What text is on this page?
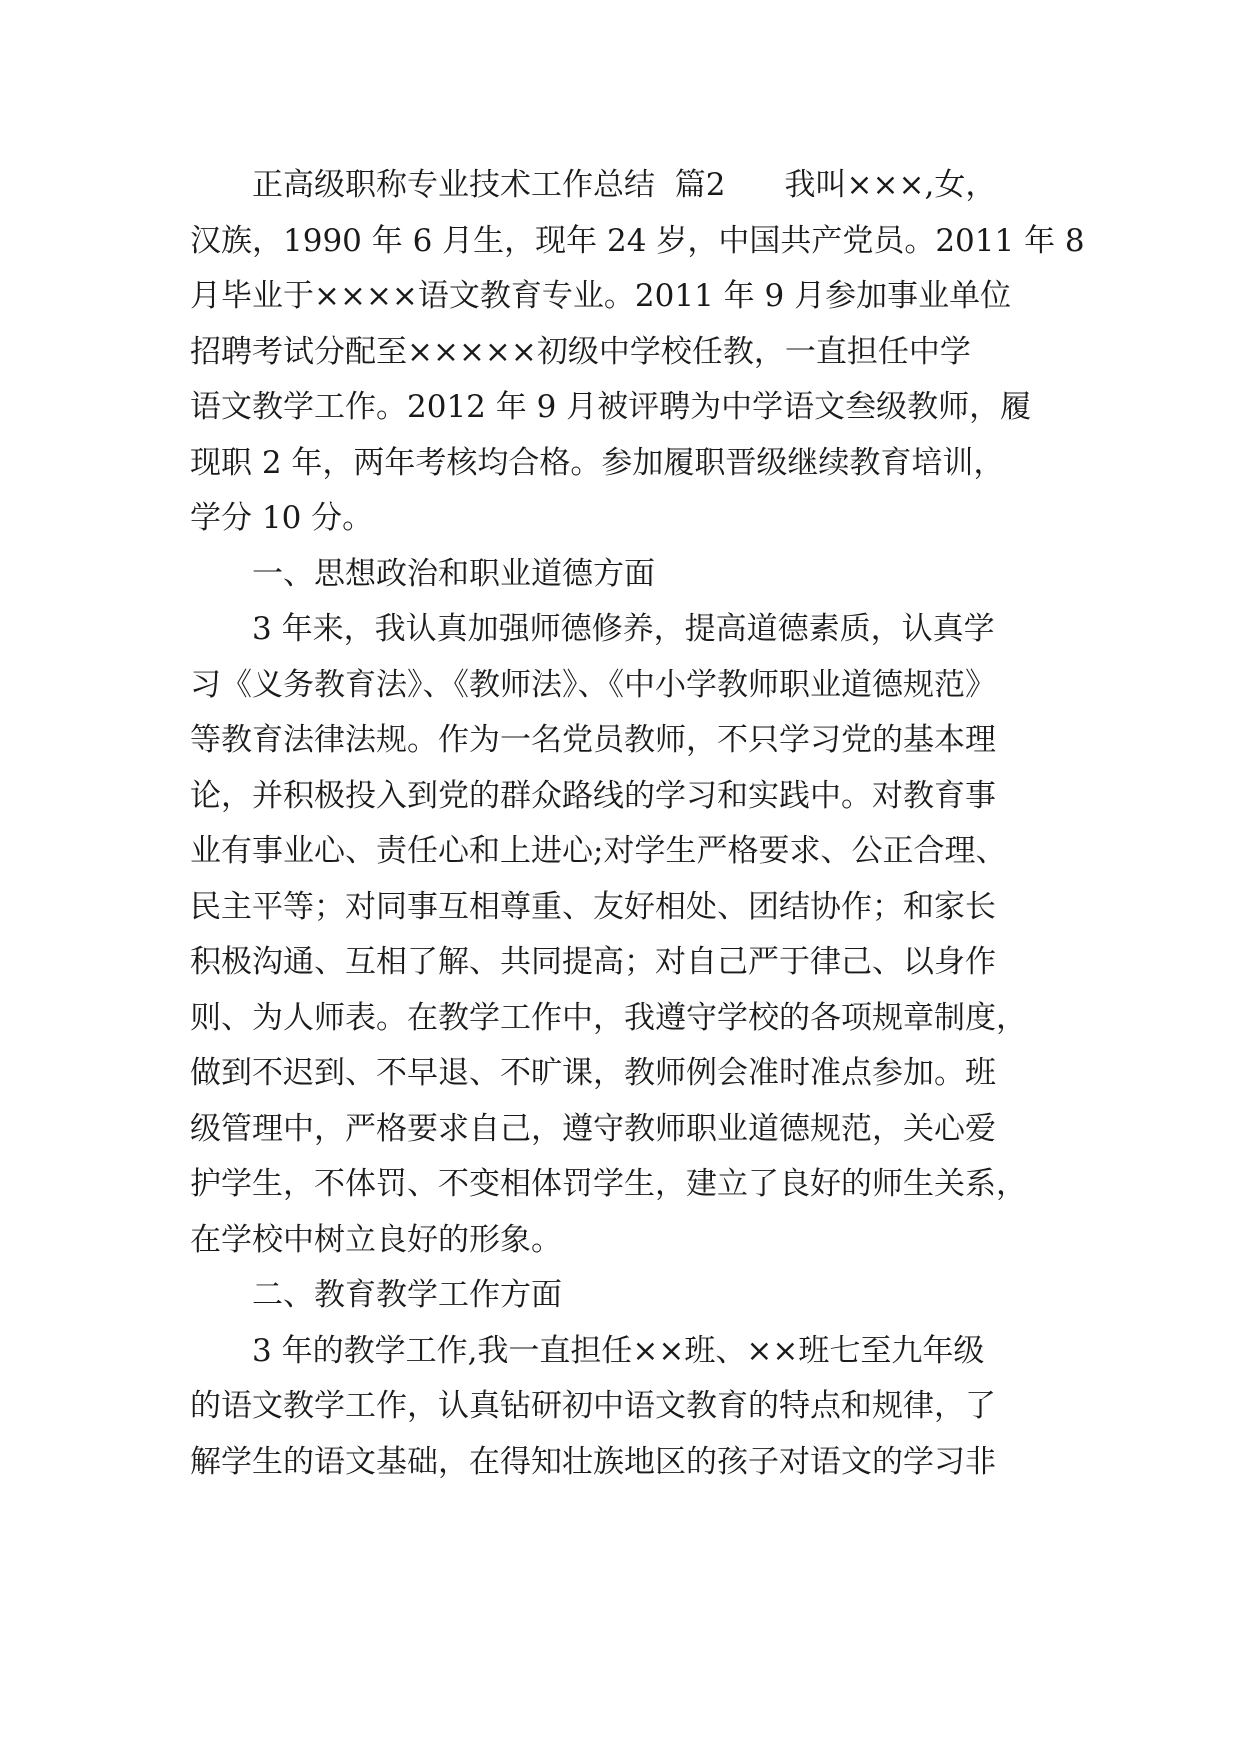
正高级职称专业技术工作总结  篇2      我叫×××,女，
汉族，1990 年 6 月生，现年 24 岁，中国共产党员。2011 年 8
月毕业于××××语文教育专业。2011 年 9 月参加事业单位
招聘考试分配至×××××初级中学校任教，一直担任中学
语文教学工作。2012 年 9 月被评聘为中学语文叁级教师，履
现职 2 年，两年考核均合格。参加履职晋级继续教育培训，
学分 10 分。
一、思想政治和职业道德方面
3 年来，我认真加强师德修养，提高道德素质，认真学
习《义务教育法》、《教师法》、《中小学教师职业道德规范》
等教育法律法规。作为一名党员教师，不只学习党的基本理
论，并积极投入到党的群众路线的学习和实践中。对教育事
业有事业心、责任心和上进心;对学生严格要求、公正合理、
民主平等；对同事互相尊重、友好相处、团结协作；和家长
积极沟通、互相了解、共同提高；对自己严于律己、以身作
则、为人师表。在教学工作中，我遵守学校的各项规章制度，
做到不迟到、不早退、不旷课，教师例会准时准点参加。班
级管理中，严格要求自己，遵守教师职业道德规范，关心爱
护学生，不体罚、不变相体罚学生，建立了良好的师生关系，
在学校中树立良好的形象。
二、教育教学工作方面
3 年的教学工作,我一直担任××班、××班七至九年级
的语文教学工作，认真钻研初中语文教育的特点和规律，了
解学生的语文基础，在得知壮族地区的孩子对语文的学习非
